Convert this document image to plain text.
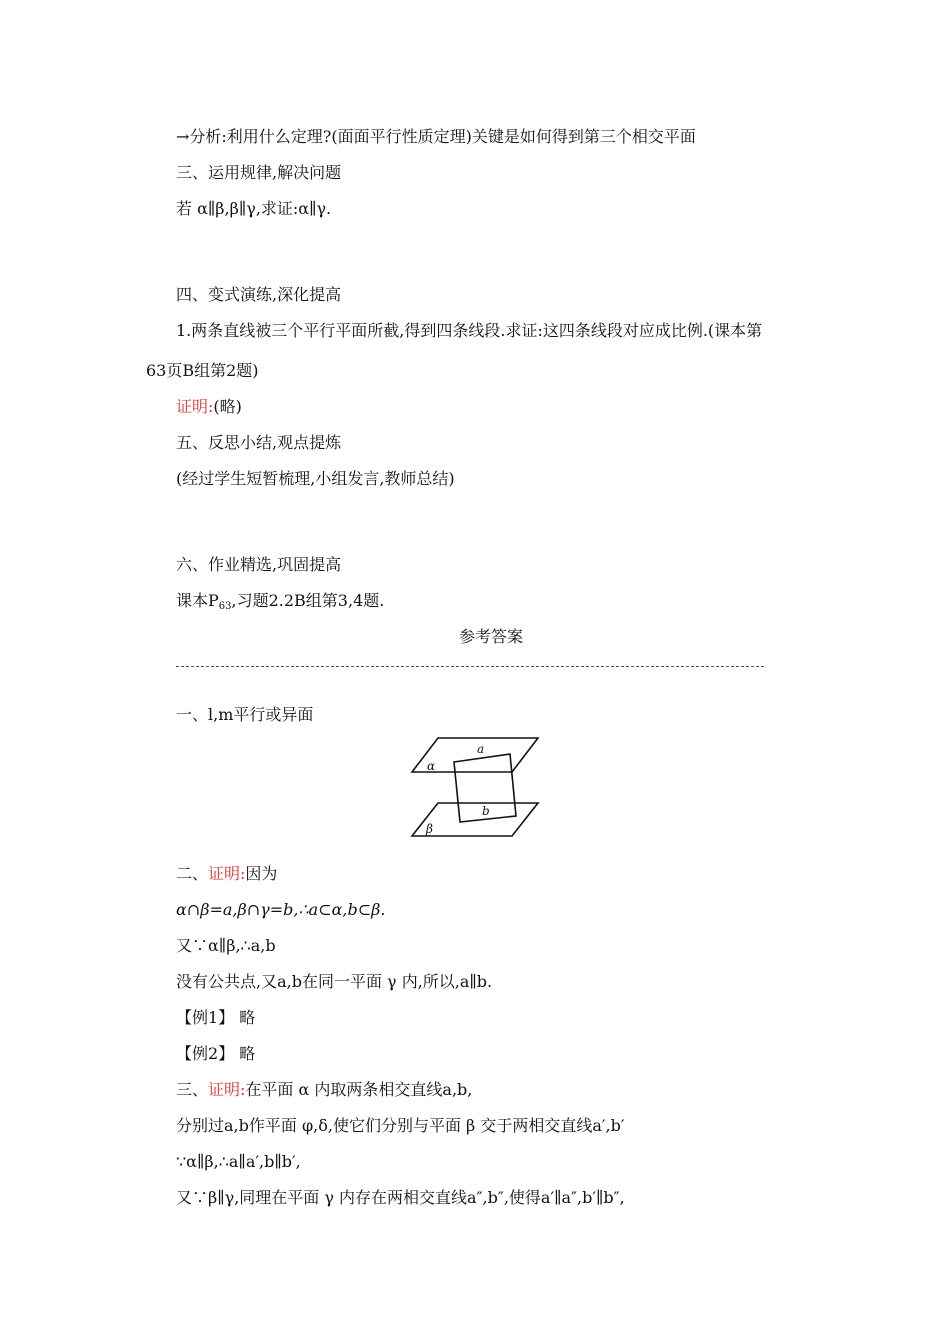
→分析:利用什么定理?(面面平行性质定理)关键是如何得到第三个相交平面
三、运用规律,解决问题
若 α∥β,β∥γ,求证:α∥γ.
四、变式演练,深化提高
1.两条直线被三个平行平面所截,得到四条线段.求证:这四条线段对应成比例.(课本第
63页B组第2题)
证明:(略)
五、反思小结,观点提炼
(经过学生短暂梳理,小组发言,教师总结)
六、作业精选,巩固提高
课本$P_{63}$,习题2.2B组第3,4题.
参考答案
一、l,m平行或异面
α
β
a
b
二、证明:因为
α∩β=a,β∩γ=b,∴a⊂α,b⊂β.
又∵α∥β,∴a,b
没有公共点,又a,b在同一平面 γ 内,所以,a∥b.
【例1】 略
【例2】 略
三、证明:在平面 α 内取两条相交直线a,b,
分别过a,b作平面 φ,δ,使它们分别与平面 β 交于两相交直线a′,b′
∵α∥β,∴a∥a′,b∥b′,
又∵β∥γ,同理在平面 γ 内存在两相交直线a″,b″,使得a′∥a″,b′∥b″,
